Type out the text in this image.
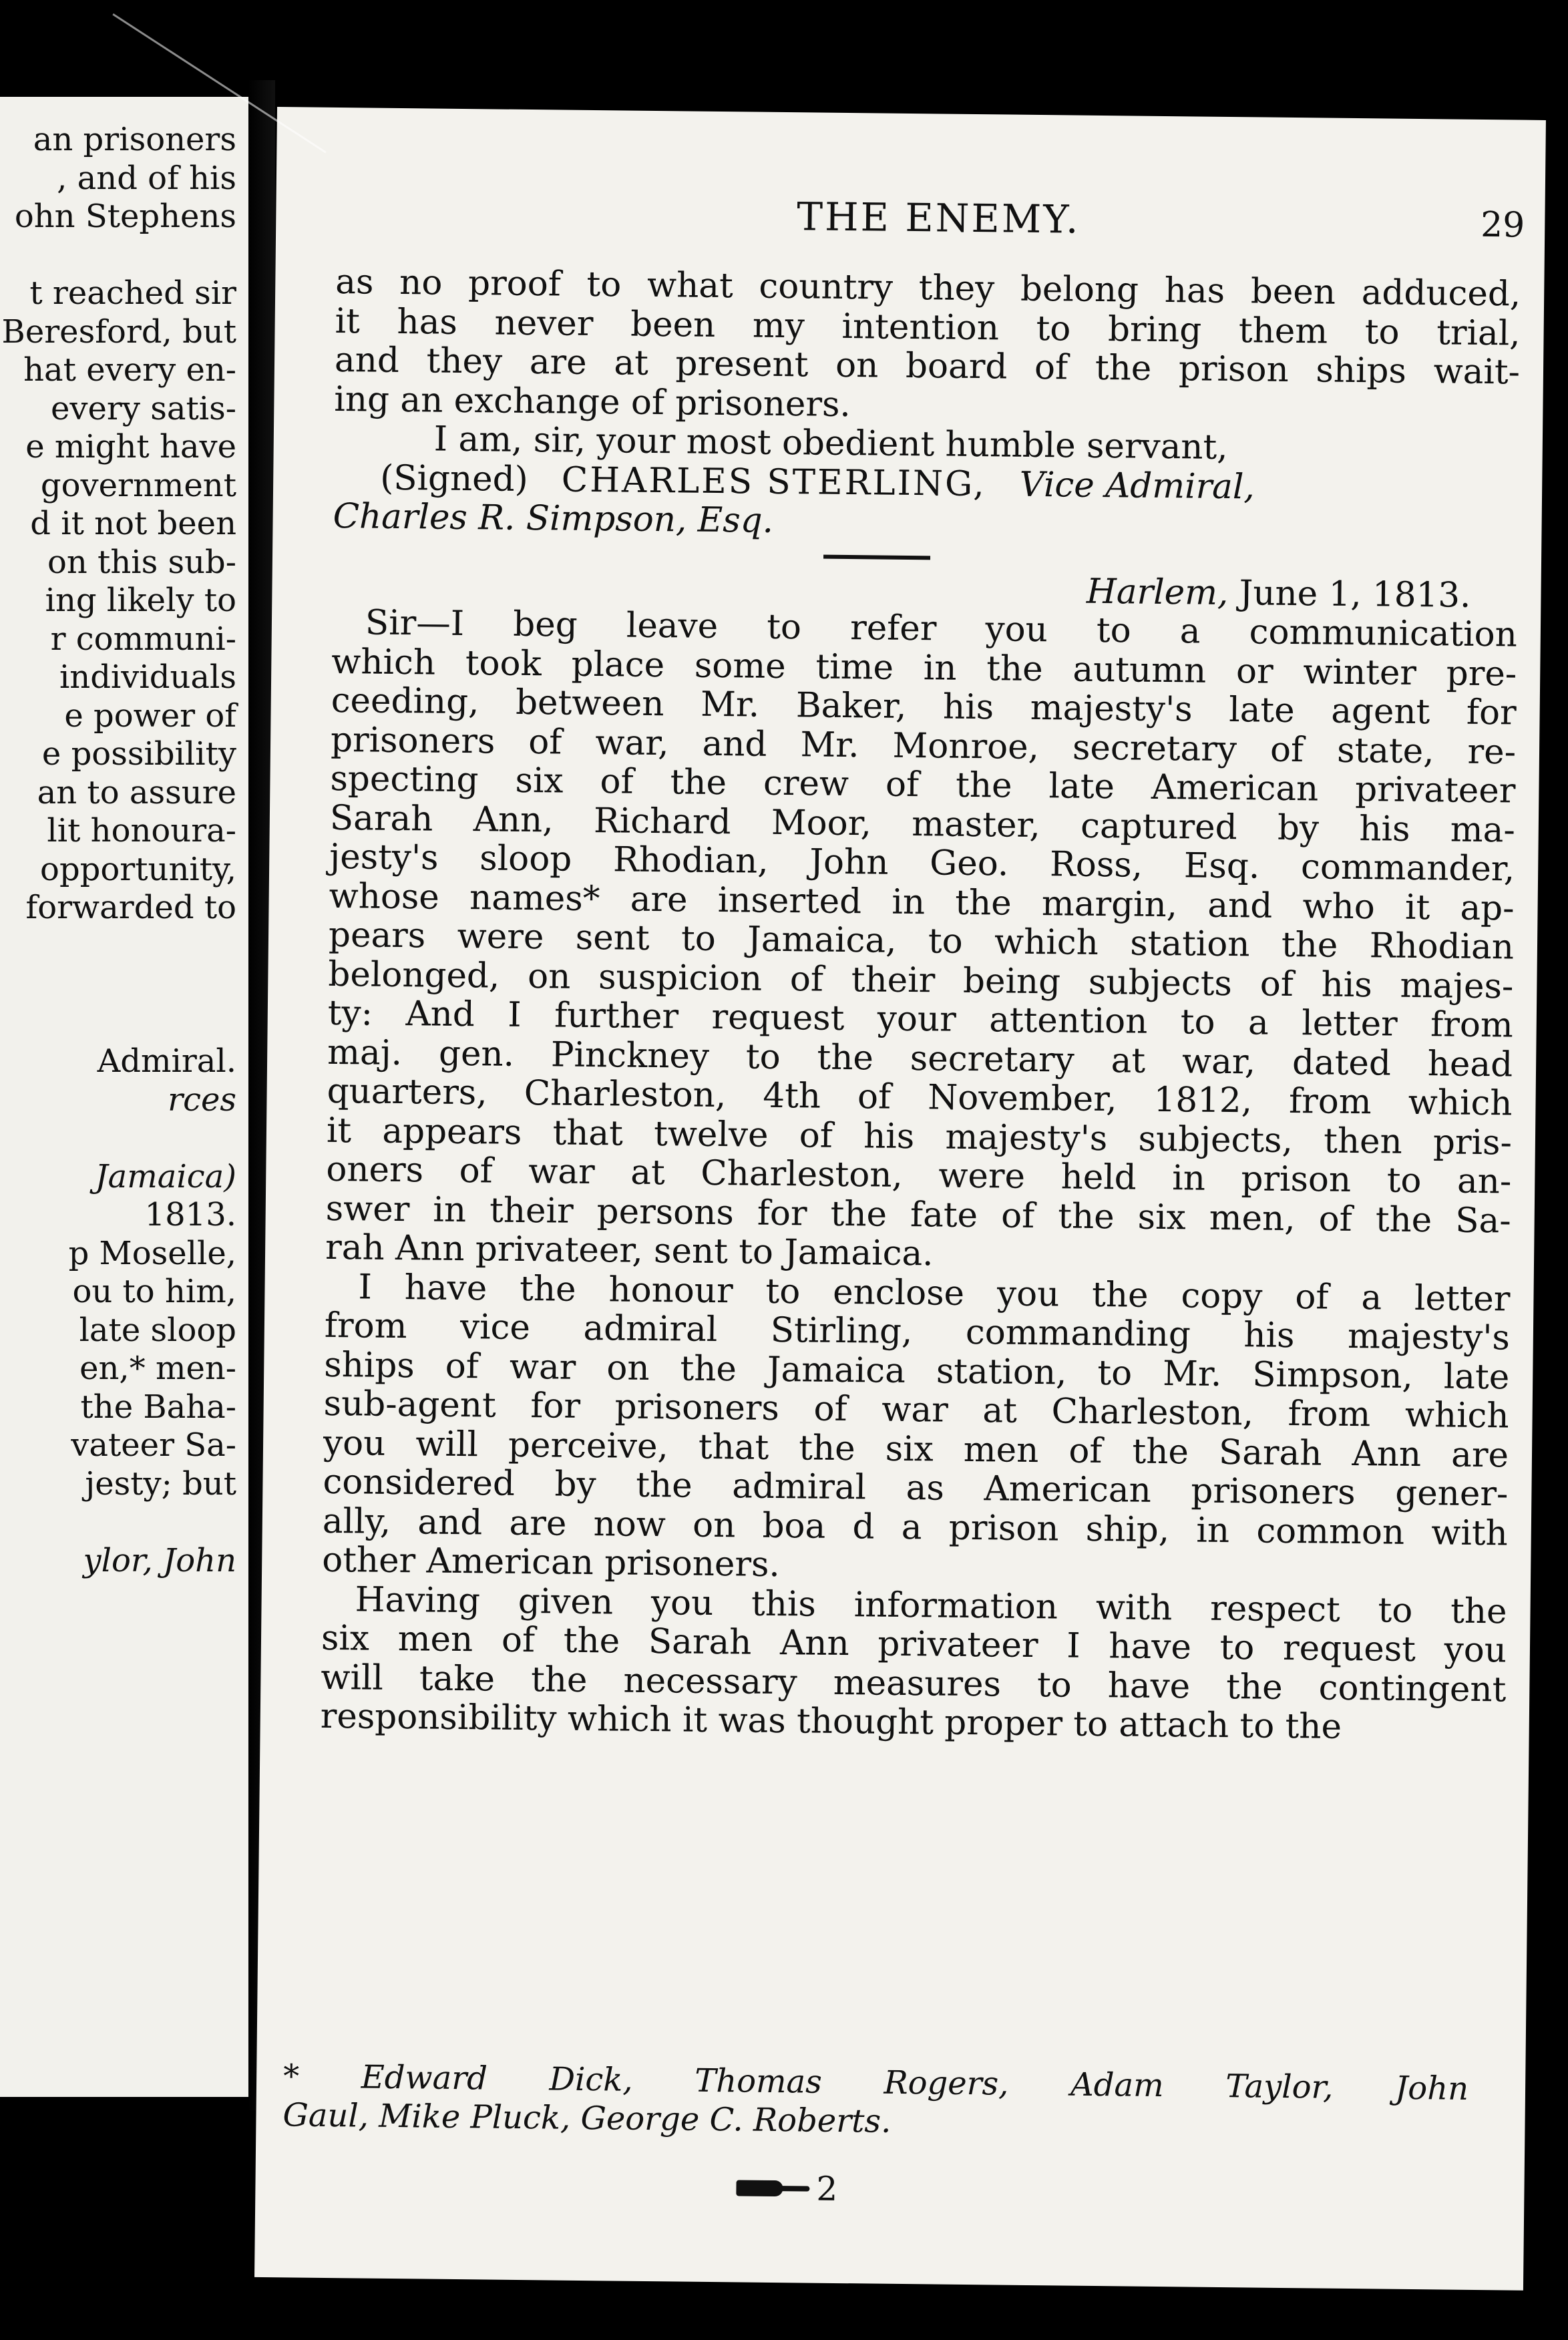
an prisoners
, and of his
ohn Stephens
t reached sir
Beresford, but
hat every en-
every satis-
e might have
government
d it not been
on this sub-
ing likely to
r communi-
individuals
e power of
e possibility
an to assure
lit honoura-
opportunity,
forwarded to
Admiral.
rces
Jamaica)
1813.
p Moselle,
ou to him,
late sloop
en,* men-
the Baha-
vateer Sa-
jesty; but
ylor, John
THE ENEMY.	29
as no proof to what country they belong has been adduced,
it has never been my intention to bring them to trial,
and they are at present on board of the prison ships wait-
ing an exchange of prisoners.
I am, sir, your most obedient humble servant,
(Signed) CHARLES STERLING, Vice Admiral,
Charles R. Simpson, Esq.
Harlem, June 1, 1813.
Sir—I beg leave to refer you to a communication
which took place some time in the autumn or winter pre-
ceeding, between Mr. Baker, his majesty's late agent for
prisoners of war, and Mr. Monroe, secretary of state, re-
specting six of the crew of the late American privateer
Sarah Ann, Richard Moor, master, captured by his ma-
jesty's sloop Rhodian, John Geo. Ross, Esq. commander,
whose names* are inserted in the margin, and who it ap-
pears were sent to Jamaica, to which station the Rhodian
belonged, on suspicion of their being subjects of his majes-
ty: And I further request your attention to a letter from
maj. gen. Pinckney to the secretary at war, dated head
quarters, Charleston, 4th of November, 1812, from which
it appears that twelve of his majesty's subjects, then pris-
oners of war at Charleston, were held in prison to an-
swer in their persons for the fate of the six men, of the Sa-
rah Ann privateer, sent to Jamaica.
I have the honour to enclose you the copy of a letter
from vice admiral Stirling, commanding his majesty's
ships of war on the Jamaica station, to Mr. Simpson, late
sub-agent for prisoners of war at Charleston, from which
you will perceive, that the six men of the Sarah Ann are
considered by the admiral as American prisoners gener-
ally, and are now on boa d a prison ship, in common with
other American prisoners.
Having given you this information with respect to the
six men of the Sarah Ann privateer I have to request you
will take the necessary measures to have the contingent
responsibility which it was thought proper to attach to the
* Edward Dick, Thomas Rogers, Adam Taylor, John
Gaul, Mike Pluck, George C. Roberts.
2
